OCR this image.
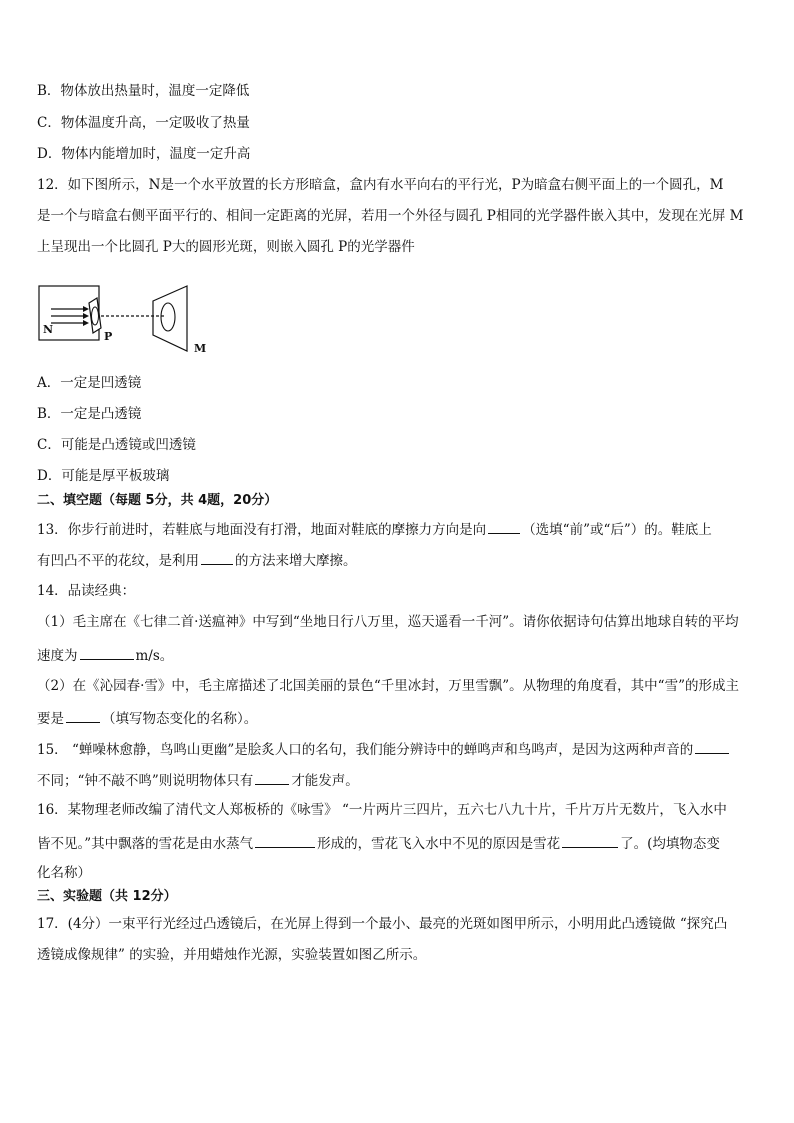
B．物体放出热量时，温度一定降低
C．物体温度升高，一定吸收了热量
D．物体内能增加时，温度一定升高
12．如下图所示，N是一个水平放置的长方形暗盒，盒内有水平向右的平行光，P为暗盒右侧平面上的一个圆孔，M
是一个与暗盒右侧平面平行的、相间一定距离的光屏，若用一个外径与圆孔 P相同的光学器件嵌入其中，发现在光屏 M
上呈现出一个比圆孔 P大的圆形光斑，则嵌入圆孔 P的光学器件
N
P
M
A．一定是凹透镜
B．一定是凸透镜
C．可能是凸透镜或凹透镜
D．可能是厚平板玻璃
二、填空题（每题 5分，共 4题，20分）
13．你步行前进时，若鞋底与地面没有打滑，地面对鞋底的摩擦力方向是向	（选填“前”或“后”）的。鞋底上
有凹凸不平的花纹，是利用	的方法来增大摩擦。
14．品读经典：
（1）毛主席在《七律二首·送瘟神》中写到“坐地日行八万里，巡天遥看一千河”。请你依据诗句估算出地球自转的平均
速度为	m/s。
（2）在《沁园春·雪》中，毛主席描述了北国美丽的景色“千里冰封，万里雪飘”。从物理的角度看，其中“雪”的形成主
要是	（填写物态变化的名称）。
15． “蝉噪林愈静，鸟鸣山更幽”是脍炙人口的名句，我们能分辨诗中的蝉鸣声和鸟鸣声，是因为这两种声音的
不同；“钟不敲不鸣”则说明物体只有	才能发声。
16．某物理老师改编了清代文人郑板桥的《咏雪》 “一片两片三四片，五六七八九十片，千片万片无数片，飞入水中
皆不见。”其中飘落的雪花是由水蒸气	形成的，雪花飞入水中不见的原因是雪花	了。(均填物态变
化名称）
三、实验题（共 12分）
17．(4分）一束平行光经过凸透镜后，在光屏上得到一个最小、最亮的光斑如图甲所示，小明用此凸透镜做 “探究凸
透镜成像规律” 的实验，并用蜡烛作光源，实验装置如图乙所示。
